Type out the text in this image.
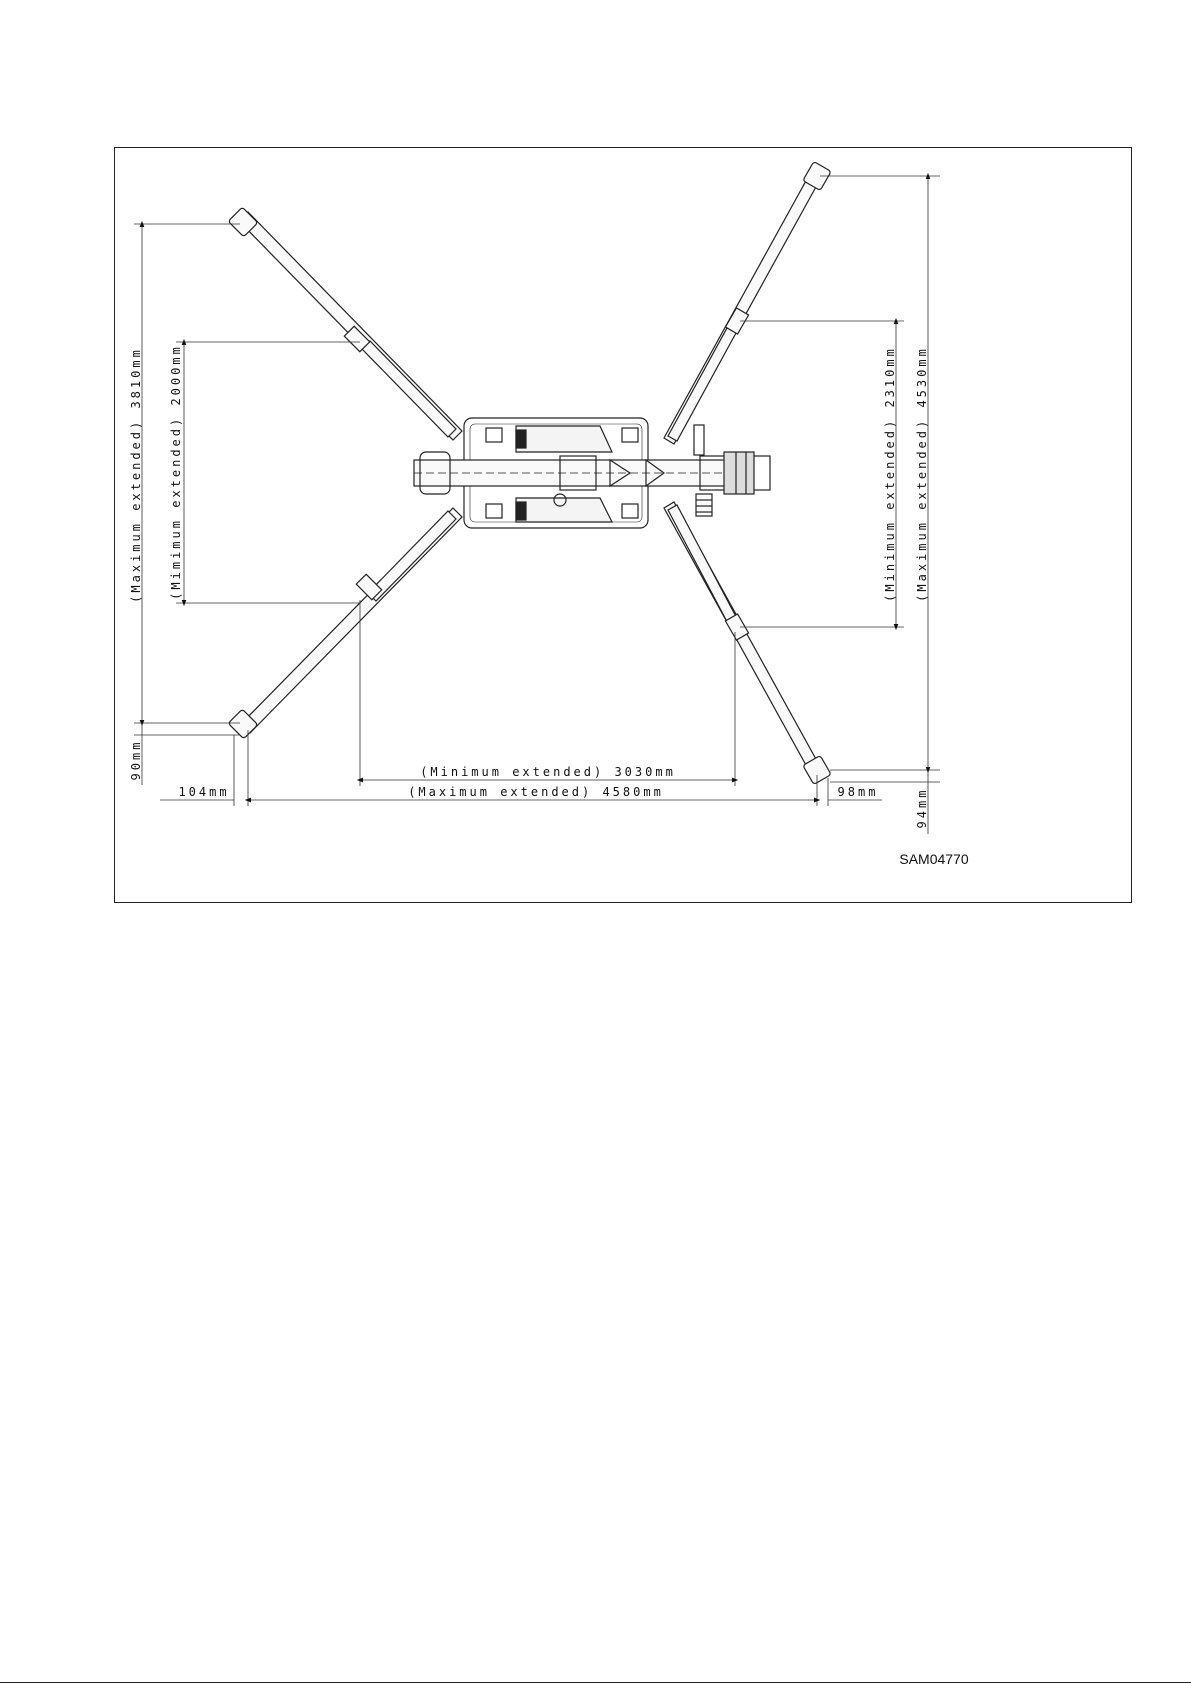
(Maximum extended) 3810mm (Mimimum extended) 2000mm	(Minimum extended) 2310mm (Maximum extended) 4530mm
(Minimum extended) 3030mm
(Maximum extended) 4580mm
90mm
104mm	98mm	94mm
SAM04770
